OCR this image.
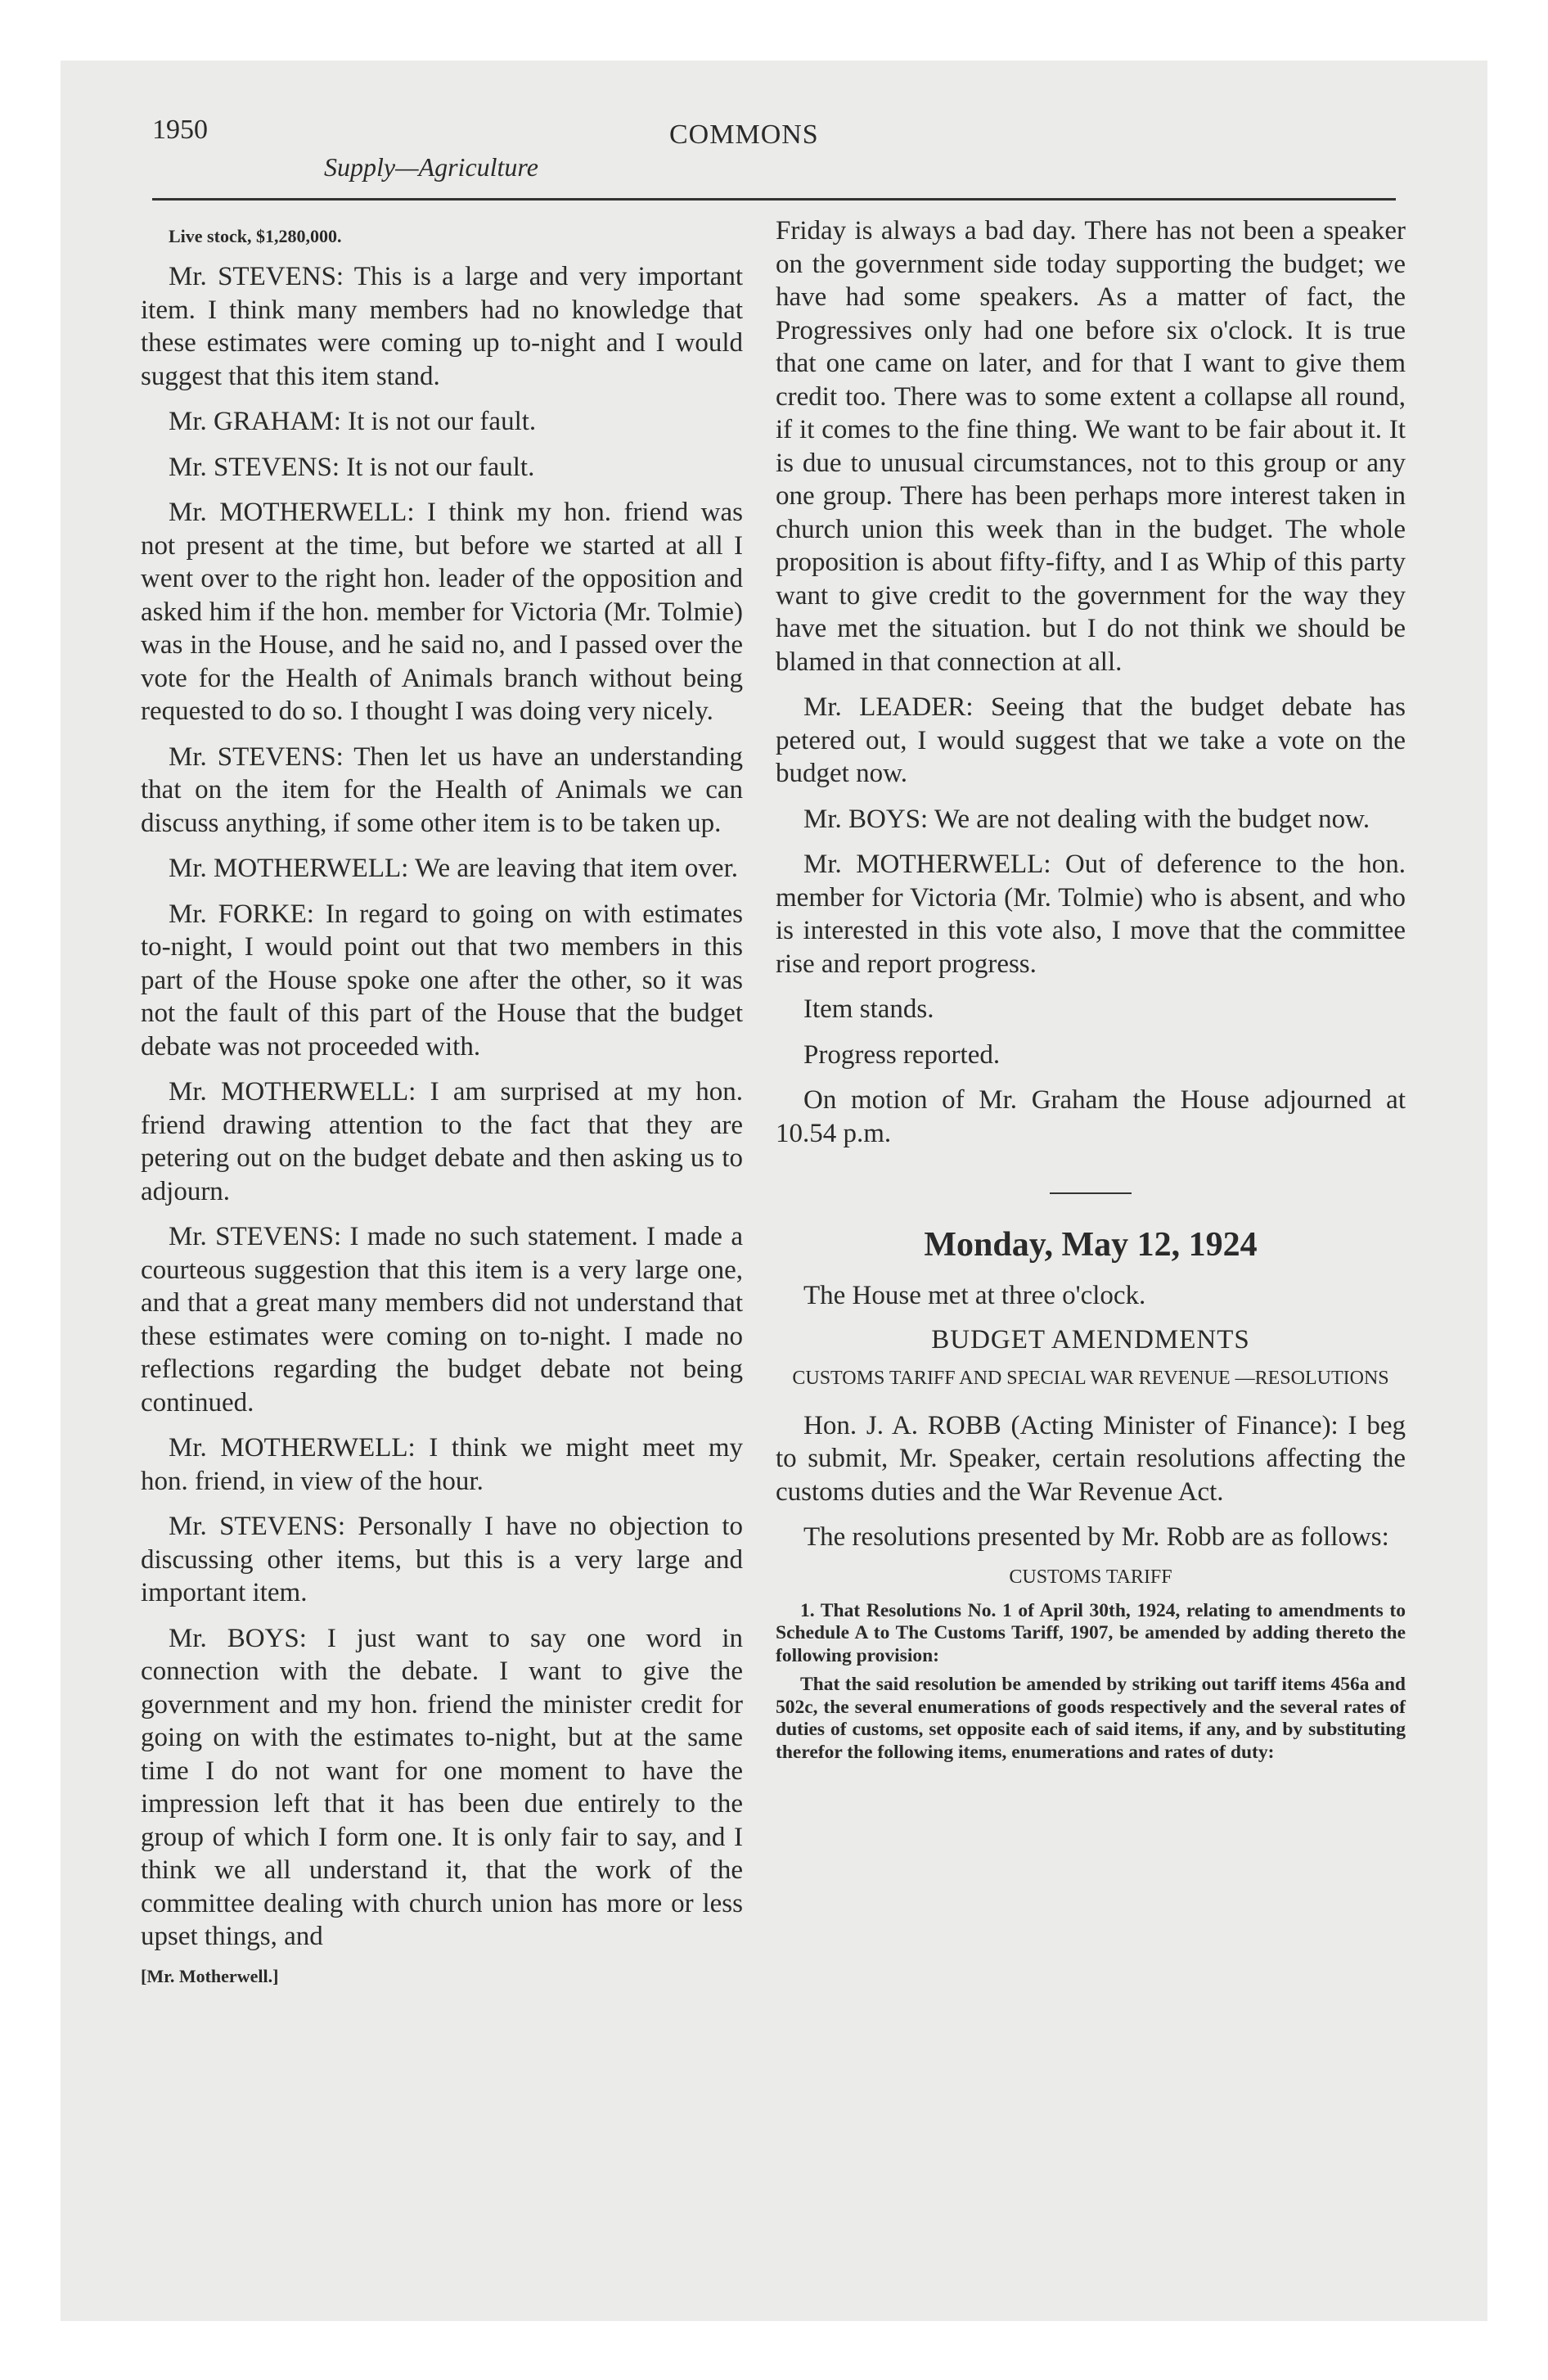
1950	COMMONS
Supply—Agriculture
Live stock, $1,280,000.

Mr. STEVENS: This is a large and very important item. I think many members had no knowledge that these estimates were coming up to-night and I would suggest that this item stand.

Mr. GRAHAM: It is not our fault.

Mr. STEVENS: It is not our fault.

Mr. MOTHERWELL: I think my hon. friend was not present at the time, but before we started at all I went over to the right hon. leader of the opposition and asked him if the hon. member for Victoria (Mr. Tolmie) was in the House, and he said no, and I passed over the vote for the Health of Animals branch without being requested to do so. I thought I was doing very nicely.

Mr. STEVENS: Then let us have an understanding that on the item for the Health of Animals we can discuss anything, if some other item is to be taken up.

Mr. MOTHERWELL: We are leaving that item over.

Mr. FORKE: In regard to going on with estimates to-night, I would point out that two members in this part of the House spoke one after the other, so it was not the fault of this part of the House that the budget debate was not proceeded with.

Mr. MOTHERWELL: I am surprised at my hon. friend drawing attention to the fact that they are petering out on the budget debate and then asking us to adjourn.

Mr. STEVENS: I made no such statement. I made a courteous suggestion that this item is a very large one, and that a great many members did not understand that these estimates were coming on to-night. I made no reflections regarding the budget debate not being continued.

Mr. MOTHERWELL: I think we might meet my hon. friend, in view of the hour.

Mr. STEVENS: Personally I have no objection to discussing other items, but this is a very large and important item.

Mr. BOYS: I just want to say one word in connection with the debate. I want to give the government and my hon. friend the minister credit for going on with the estimates to-night, but at the same time I do not want for one moment to have the impression left that it has been due entirely to the group of which I form one. It is only fair to say, and I think we all understand it, that the work of the committee dealing with church union has more or less upset things, and

[Mr. Motherwell.]

Friday is always a bad day. There has not been a speaker on the government side today supporting the budget; we have had some speakers. As a matter of fact, the Progressives only had one before six o'clock. It is true that one came on later, and for that I want to give them credit too. There was to some extent a collapse all round, if it comes to the fine thing. We want to be fair about it. It is due to unusual circumstances, not to this group or any one group. There has been perhaps more interest taken in church union this week than in the budget. The whole proposition is about fifty-fifty, and I as Whip of this party want to give credit to the government for the way they have met the situation. but I do not think we should be blamed in that connection at all.

Mr. LEADER: Seeing that the budget debate has petered out, I would suggest that we take a vote on the budget now.

Mr. BOYS: We are not dealing with the budget now.

Mr. MOTHERWELL: Out of deference to the hon. member for Victoria (Mr. Tolmie) who is absent, and who is interested in this vote also, I move that the committee rise and report progress.

Item stands.

Progress reported.

On motion of Mr. Graham the House adjourned at 10.54 p.m.

Monday, May 12, 1924

The House met at three o'clock.

BUDGET AMENDMENTS
CUSTOMS TARIFF AND SPECIAL WAR REVENUE —RESOLUTIONS

Hon. J. A. ROBB (Acting Minister of Finance): I beg to submit, Mr. Speaker, certain resolutions affecting the customs duties and the War Revenue Act.

The resolutions presented by Mr. Robb are as follows:

CUSTOMS TARIFF

1. That Resolutions No. 1 of April 30th, 1924, relating to amendments to Schedule A to The Customs Tariff, 1907, be amended by adding thereto the following provision:

That the said resolution be amended by striking out tariff items 456a and 502c, the several enumerations of goods respectively and the several rates of duties of customs, set opposite each of said items, if any, and by substituting therefor the following items, enumerations and rates of duty:
